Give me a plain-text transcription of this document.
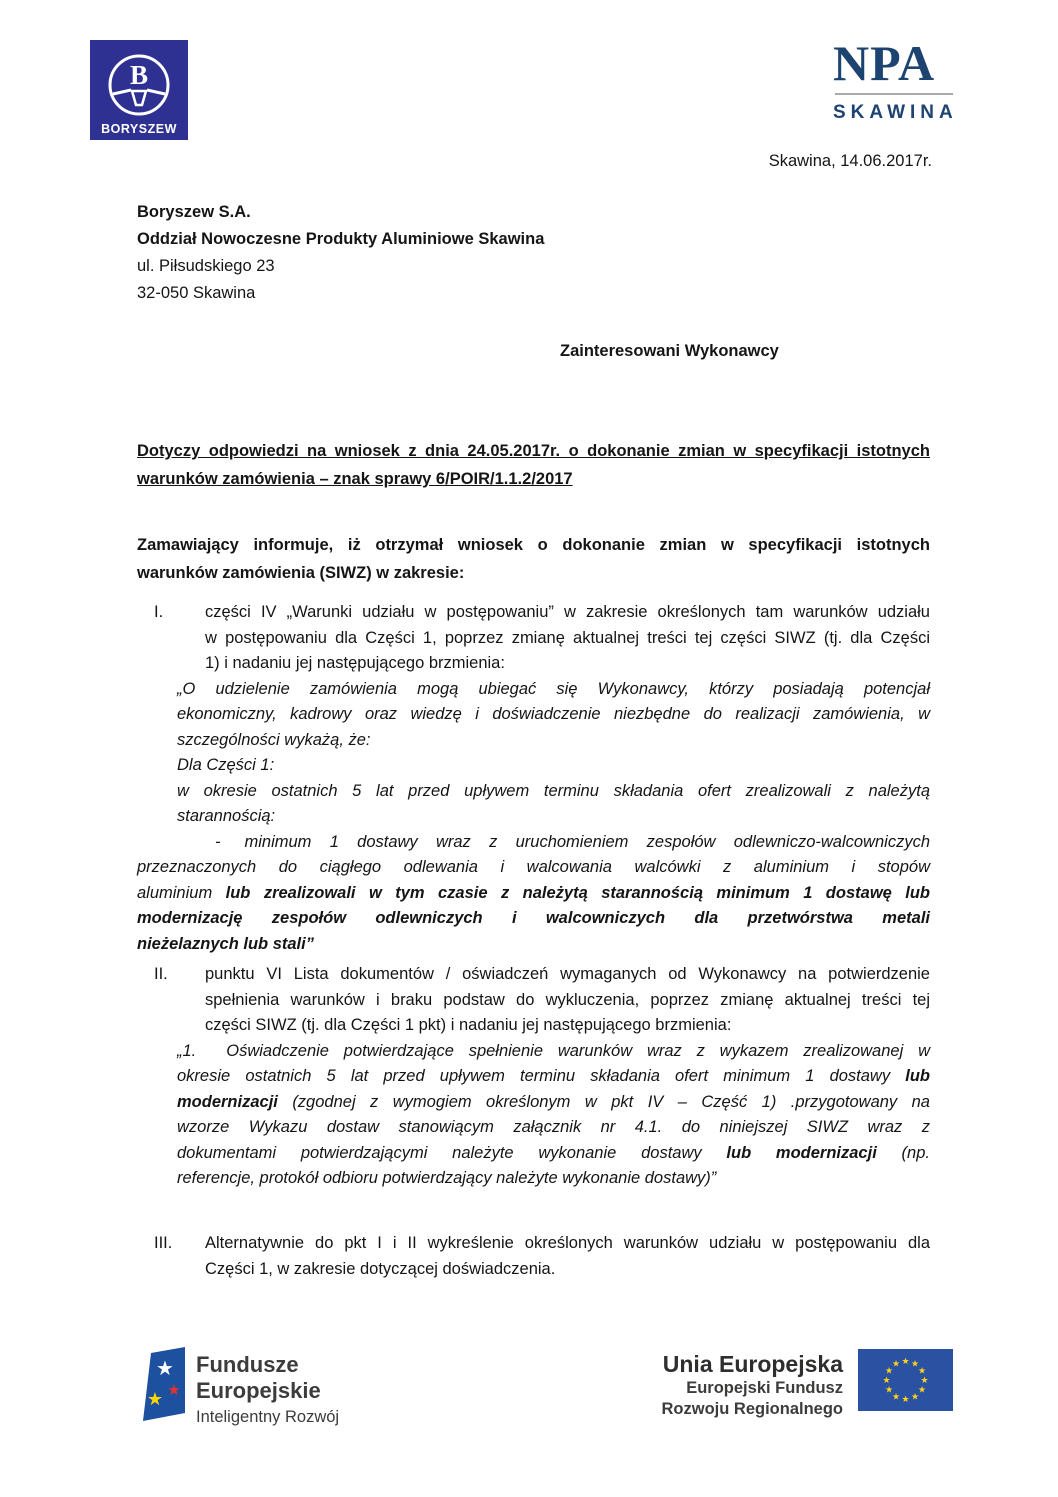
B
BORYSZEW
NPA
SKAWINA
Skawina, 14.06.2017r.
Boryszew S.A.
Oddział Nowoczesne Produkty Aluminiowe Skawina
ul. Piłsudskiego 23
32-050 Skawina
Zainteresowani Wykonawcy
Dotyczy odpowiedzi na wniosek z dnia 24.05.2017r. o dokonanie zmian w specyfikacji istotnych
warunków zamówienia – znak sprawy 6/POIR/1.1.2/2017
Zamawiający informuje, iż otrzymał wniosek o dokonanie zmian w specyfikacji istotnych
warunków zamówienia (SIWZ) w zakresie:
I.	części IV „Warunki udziału w postępowaniu” w zakresie określonych tam warunków udziału
w postępowaniu dla Części 1, poprzez zmianę aktualnej treści tej części SIWZ (tj. dla Części
1) i nadaniu jej następującego brzmienia:
„O udzielenie zamówienia mogą ubiegać się Wykonawcy, którzy posiadają potencjał
ekonomiczny, kadrowy oraz wiedzę i doświadczenie niezbędne do realizacji zamówienia, w
szczególności wykażą, że:
Dla Części 1:
w okresie ostatnich 5 lat przed upływem terminu składania ofert zrealizowali z należytą
starannością:
- minimum 1 dostawy wraz z uruchomieniem zespołów odlewniczo-walcowniczych
przeznaczonych do ciągłego odlewania i walcowania walcówki z aluminium i stopów
aluminium lub zrealizowali w tym czasie z należytą starannością minimum 1 dostawę lub
modernizację zespołów odlewniczych i walcowniczych dla przetwórstwa metali
nieżelaznych lub stali”
II. punktu VI Lista dokumentów / oświadczeń wymaganych od Wykonawcy na potwierdzenie
spełnienia warunków i braku podstaw do wykluczenia, poprzez zmianę aktualnej treści tej
części SIWZ (tj. dla Części 1 pkt) i nadaniu jej następującego brzmienia:
„1. Oświadczenie potwierdzające spełnienie warunków wraz z wykazem zrealizowanej w
okresie ostatnich 5 lat przed upływem terminu składania ofert minimum 1 dostawy lub
modernizacji (zgodnej z wymogiem określonym w pkt IV – Część 1) .przygotowany na
wzorze Wykazu dostaw stanowiącym załącznik nr 4.1. do niniejszej SIWZ wraz z
dokumentami potwierdzającymi należyte wykonanie dostawy lub modernizacji (np.
referencje, protokół odbioru potwierdzający należyte wykonanie dostawy)”
III. Alternatywnie do pkt I i II wykreślenie określonych warunków udziału w postępowaniu dla
Części 1, w zakresie dotyczącej doświadczenia.
★
★ ★
Fundusze
Europejskie
Inteligentny Rozwój
Unia Europejska
Europejski Fundusz
Rozwoju Regionalnego
★ ★
★
★
★
★
★
★
★
★
★
★
